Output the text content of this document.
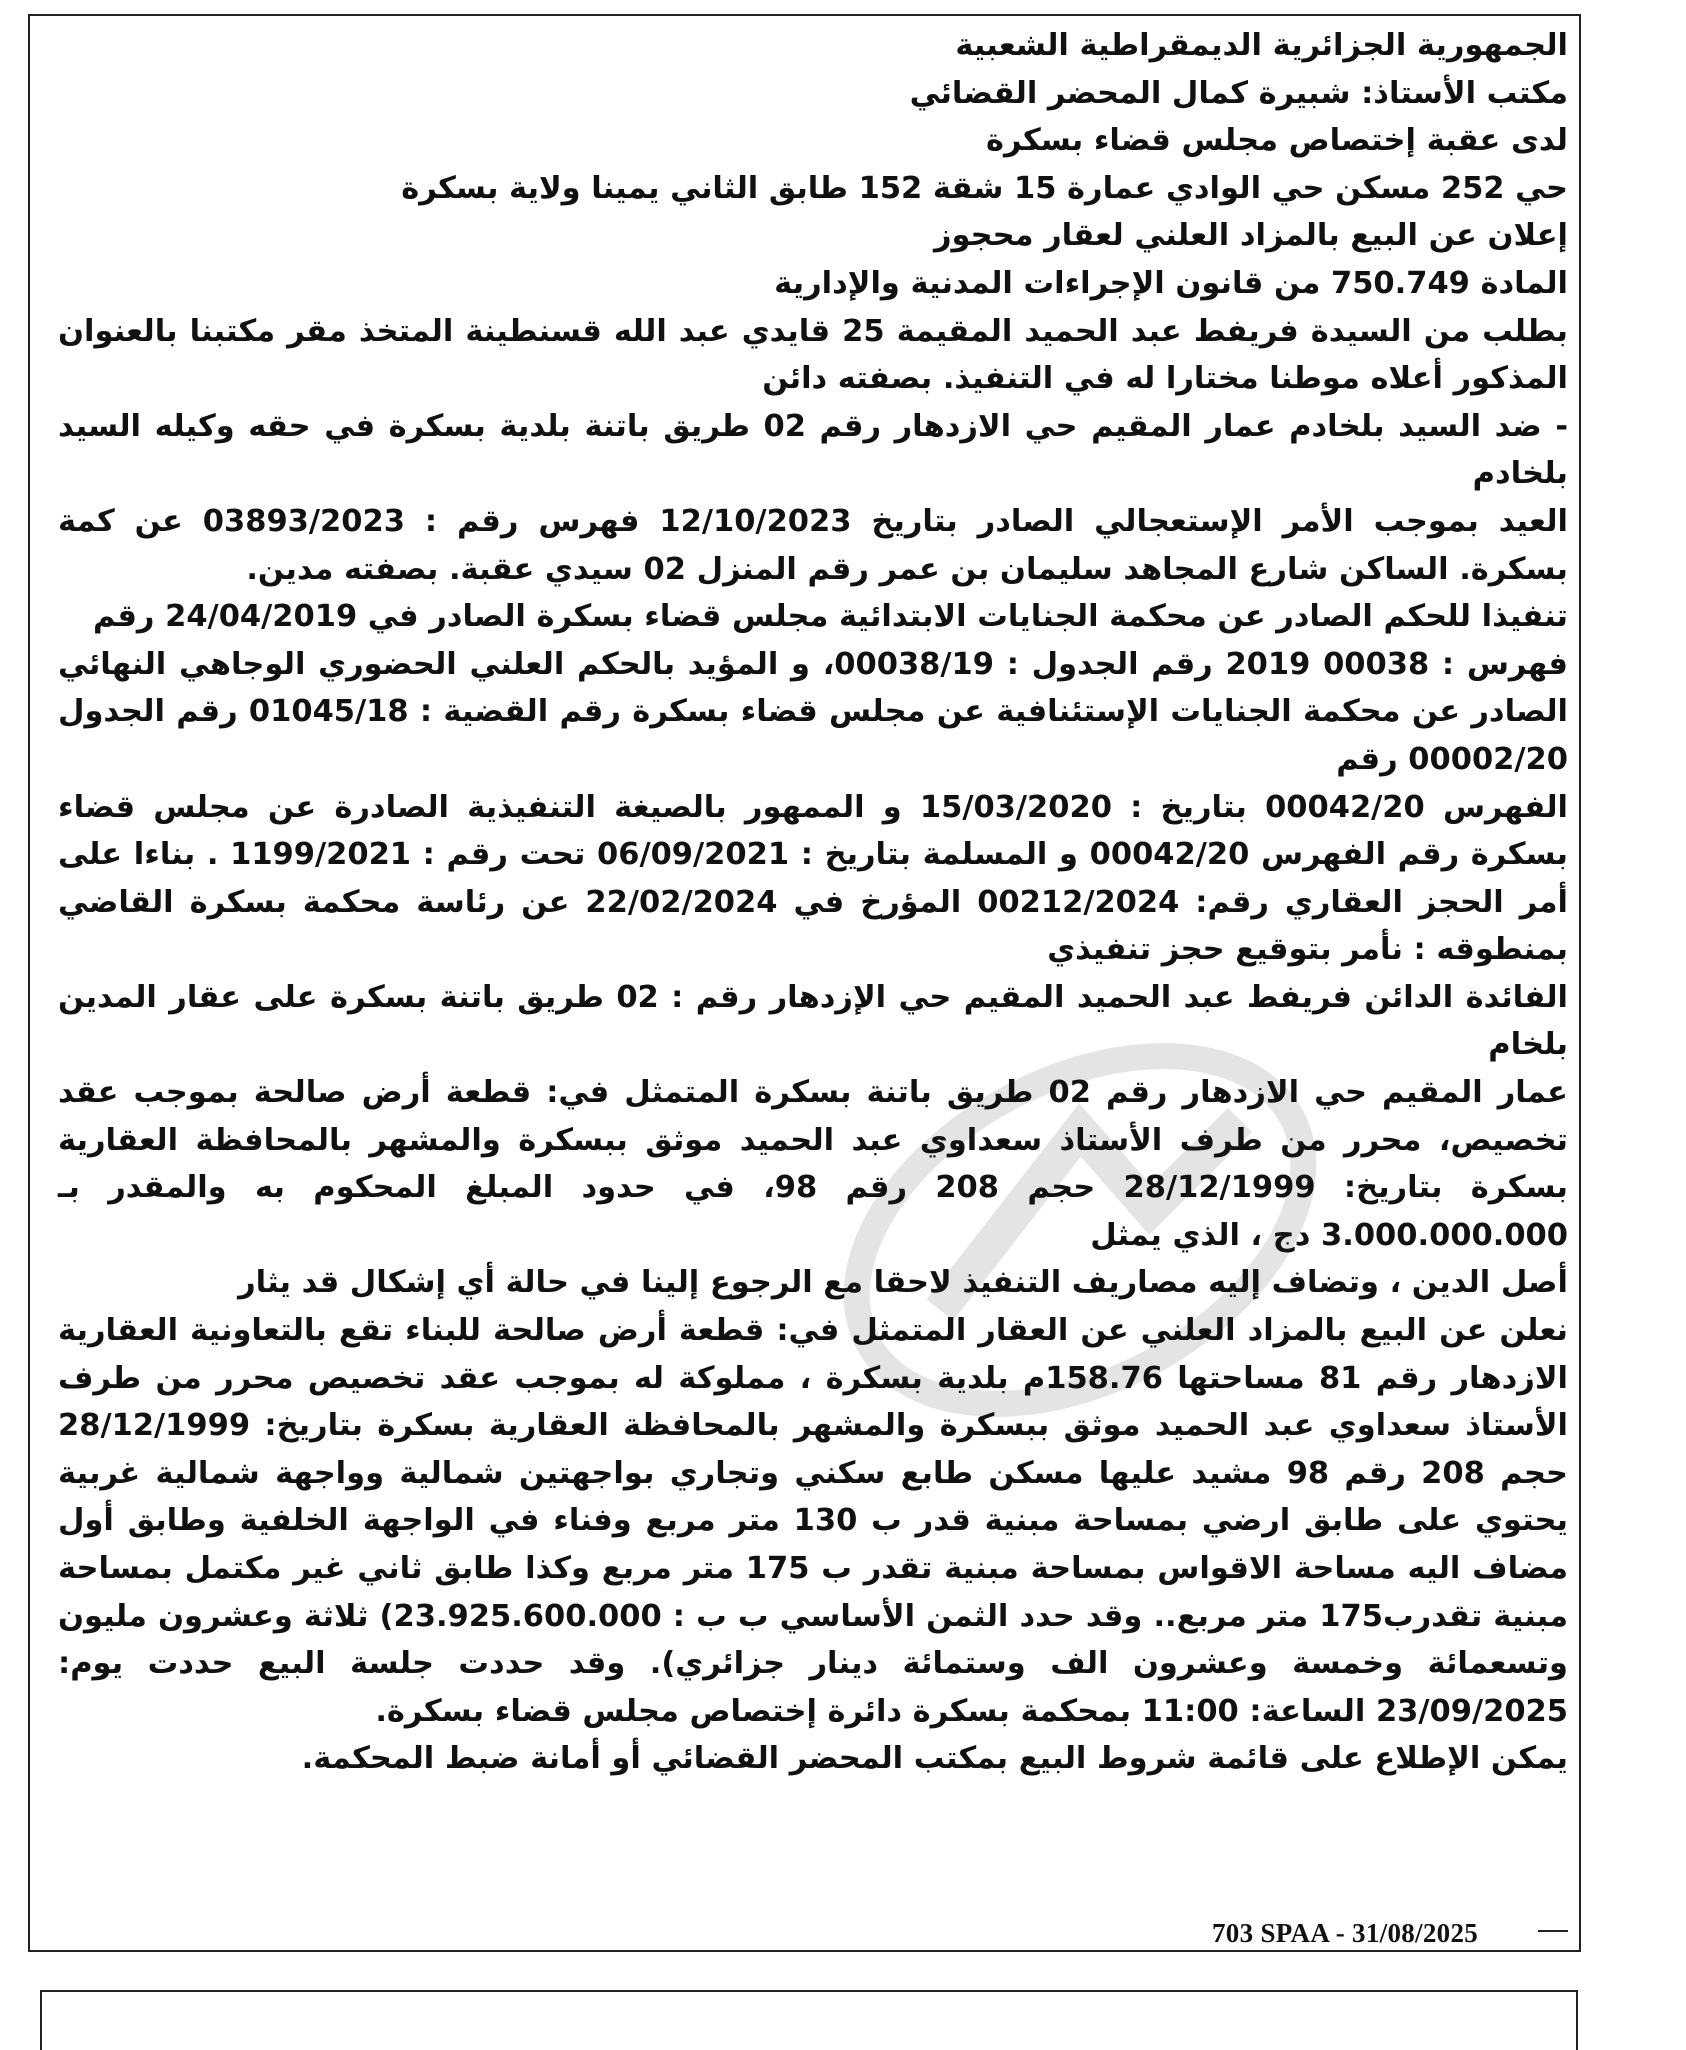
الجمهورية الجزائرية الديمقراطية الشعبية

مكتب الأستاذ: شبيرة كمال المحضر القضائي

لدى عقبة إختصاص مجلس قضاء بسكرة

حي 252 مسكن حي الوادي عمارة 15 شقة 152 طابق الثاني يمينا ولاية بسكرة

إعلان عن البيع بالمزاد العلني لعقار محجوز

المادة 750.749 من قانون الإجراءات المدنية والإدارية

بطلب من السيدة فريفط عبد الحميد المقيمة 25 قايدي عبد الله قسنطينة المتخذ مقر مكتبنا بالعنوان المذكور أعلاه موطنا مختارا له في التنفيذ. بصفته دائن

- ضد السيد بلخادم عمار المقيم حي الازدهار رقم 02 طريق باتنة بلدية بسكرة في حقه وكيله السيد بلخادم

العيد بموجب الأمر الإستعجالي الصادر بتاريخ 12/10/2023 فهرس رقم : 03893/2023 عن كمة بسكرة. الساكن شارع المجاهد سليمان بن عمر رقم المنزل 02 سيدي عقبة. بصفته مدين.

تنفيذا للحكم الصادر عن محكمة الجنايات الابتدائية مجلس قضاء بسكرة الصادر في 24/04/2019 رقم

فهرس : 00038 2019 رقم الجدول : 00038/19، و المؤيد بالحكم العلني الحضوري الوجاهي النهائي الصادر عن محكمة الجنايات الإستئنافية عن مجلس قضاء بسكرة رقم القضية : 01045/18 رقم الجدول 00002/20 رقم

الفهرس 00042/20 بتاريخ : 15/03/2020 و الممهور بالصيغة التنفيذية الصادرة عن مجلس قضاء بسكرة رقم الفهرس 00042/20 و المسلمة بتاريخ : 06/09/2021 تحت رقم : 1199/2021 . بناءا على أمر الحجز العقاري رقم: 00212/2024 المؤرخ في 22/02/2024 عن رئاسة محكمة بسكرة القاضي بمنطوقه : نأمر بتوقيع حجز تنفيذي

الفائدة الدائن فريفط عبد الحميد المقيم حي الإزدهار رقم : 02 طريق باتنة بسكرة على عقار المدين بلخام

عمار المقيم حي الازدهار رقم 02 طريق باتنة بسكرة المتمثل في: قطعة أرض صالحة بموجب عقد تخصيص، محرر من طرف الأستاذ سعداوي عبد الحميد موثق ببسكرة والمشهر بالمحافظة العقارية بسكرة بتاريخ: 28/12/1999 حجم 208 رقم 98، في حدود المبلغ المحكوم به والمقدر بـ 3.000.000.000 دج ، الذي يمثل

أصل الدين ، وتضاف إليه مصاريف التنفيذ لاحقا مع الرجوع إلينا في حالة أي إشكال قد يثار

نعلن عن البيع بالمزاد العلني عن العقار المتمثل في: قطعة أرض صالحة للبناء تقع بالتعاونية العقارية الازدهار رقم 81 مساحتها 158.76م بلدية بسكرة ، مملوكة له بموجب عقد تخصيص محرر من طرف الأستاذ سعداوي عبد الحميد موثق ببسكرة والمشهر بالمحافظة العقارية بسكرة بتاريخ: 28/12/1999 حجم 208 رقم 98 مشيد عليها مسكن طابع سكني وتجاري بواجهتين شمالية وواجهة شمالية غربية يحتوي على طابق ارضي بمساحة مبنية قدر ب 130 متر مربع وفناء في الواجهة الخلفية وطابق أول مضاف اليه مساحة الاقواس بمساحة مبنية تقدر ب 175 متر مربع وكذا طابق ثاني غير مكتمل بمساحة مبنية تقدرب175 متر مربع.. وقد حدد الثمن الأساسي ب ب : 23.925.600.000) ثلاثة وعشرون مليون وتسعمائة وخمسة وعشرون الف وستمائة دينار جزائري). وقد حددت جلسة البيع حددت يوم: 23/09/2025 الساعة: 11:00 بمحكمة بسكرة دائرة إختصاص مجلس قضاء بسكرة.

يمكن الإطلاع على قائمة شروط البيع بمكتب المحضر القضائي أو أمانة ضبط المحكمة.

703 SPAA - 31/08/2025
